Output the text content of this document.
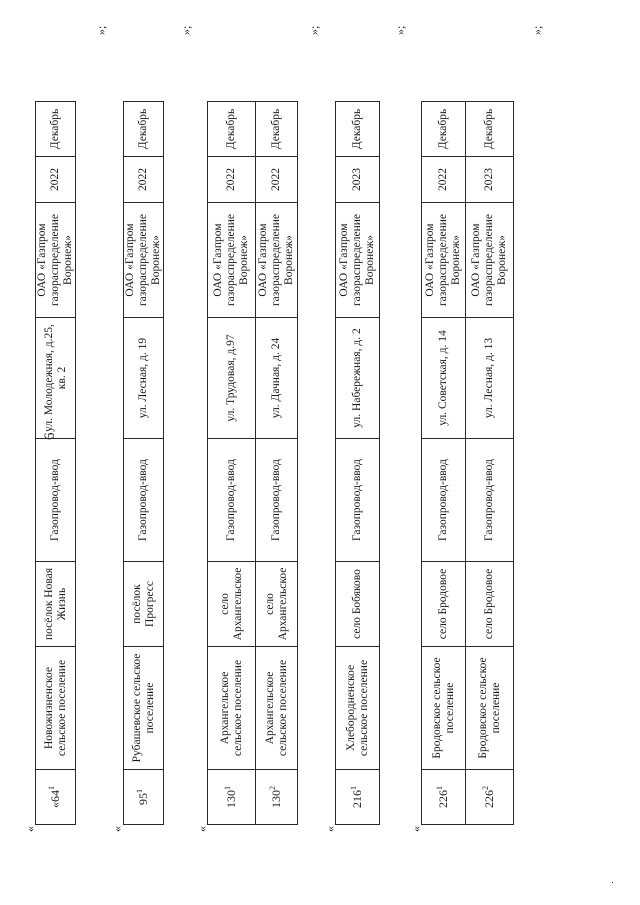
6
«
«$64^1$	Новожизненское сельское поселение	посёлок Новая Жизнь	Газопровод-ввод	ул. Молодежная, д.25, кв. 2	ОАО «Газпром газораспределение Воронеж»	2022	Декабрь
»;
«
$95^1$	Рубашевское сельское поселение	посёлок Прогресс	Газопровод-ввод	ул. Лесная, д. 19	ОАО «Газпром газораспределение Воронеж»	2022	Декабрь
»;
«
$130^1$	Архангельское сельское поселение	село Архангельское	Газопровод-ввод	ул. Трудовая, д.97	ОАО «Газпром газораспределение Воронеж»	2022	Декабрь
$130^2$	Архангельское сельское поселение	село Архангельское	Газопровод-ввод	ул. Дачная, д. 24	ОАО «Газпром газораспределение Воронеж»	2022	Декабрь
»;
«
$216^1$	Хлебородненское сельское поселение	село Бобяково	Газопровод-ввод	ул. Набережная, д. 2	ОАО «Газпром газораспределение Воронеж»	2023	Декабрь
»;
«
$226^1$	Бродовское сельское поселение	село Бродовое	Газопровод-ввод	ул. Советская, д. 14	ОАО «Газпром газораспределение Воронеж»	2022	Декабрь
$226^2$	Бродовское сельское поселение	село Бродовое	Газопровод-ввод	ул. Лесная, д. 13	ОАО «Газпром газораспределение Воронеж»	2023	Декабрь
»;
